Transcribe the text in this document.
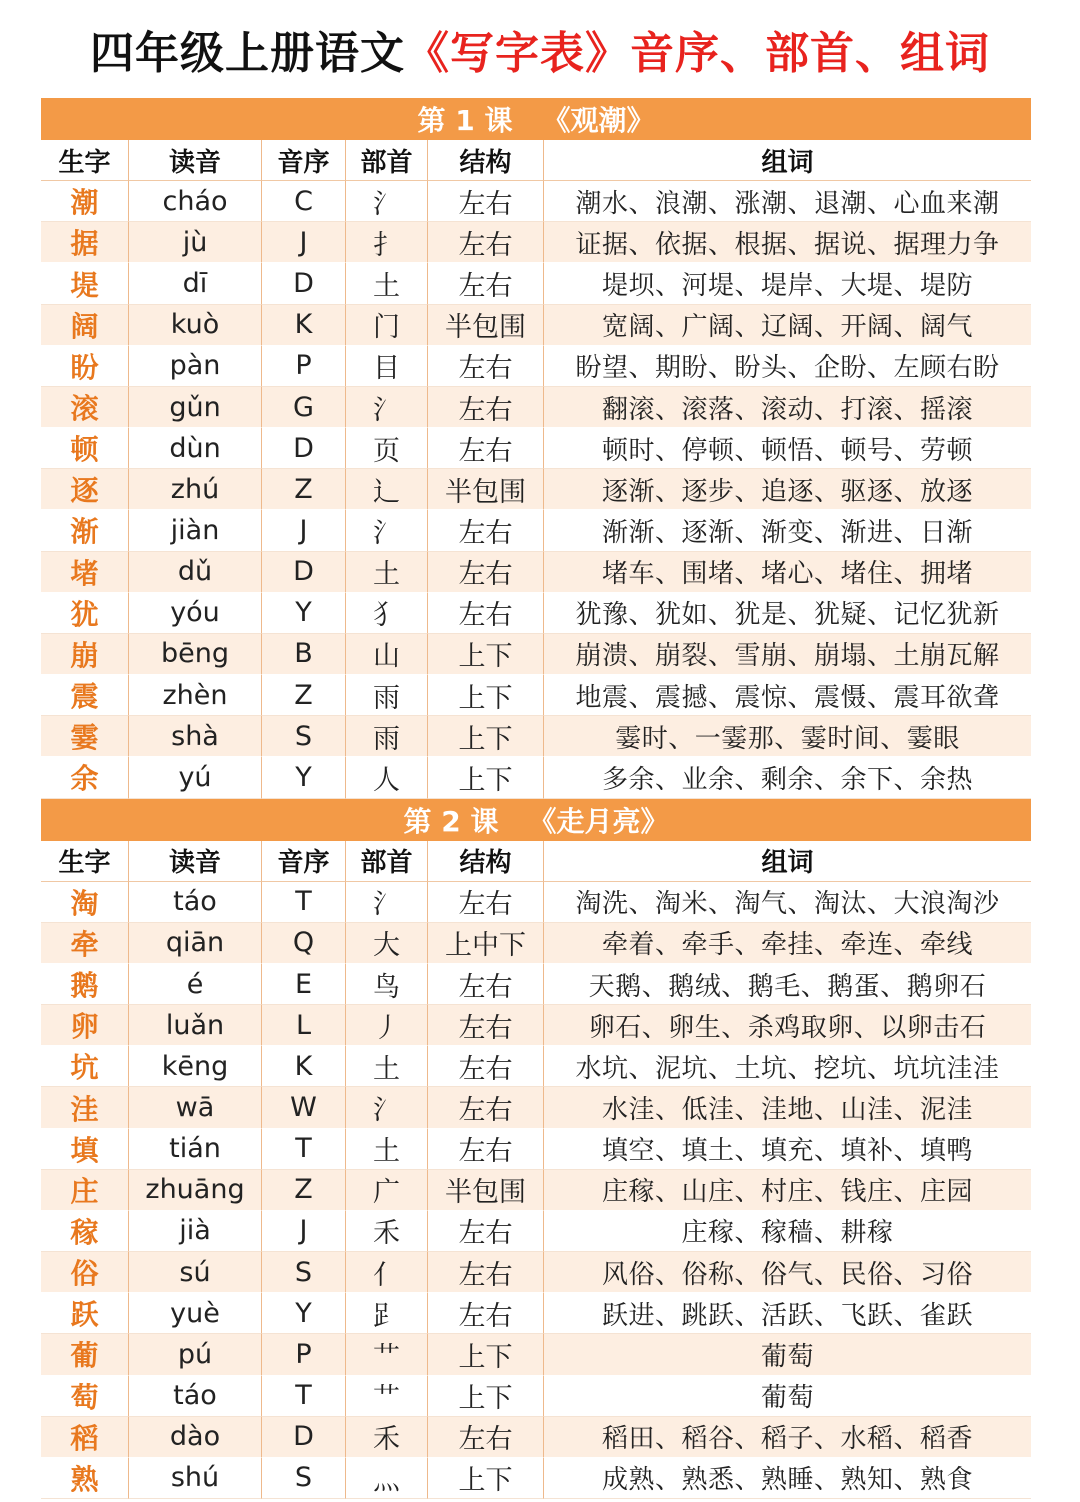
四年级上册语文 《写字表》音序、部首、组词
第 1 课 《观潮》
生字	读音	音序	部首	结构	组词
潮	cháo	C	氵	左右	潮水、浪潮、涨潮、退潮、心血来潮
据	jù	J	扌	左右	证据、依据、根据、据说、据理力争
堤	dī	D	土	左右	堤坝、河堤、堤岸、大堤、堤防
阔	kuò	K	门	半包围	宽阔、广阔、辽阔、开阔、阔气
盼	pàn	P	目	左右	盼望、期盼、盼头、企盼、左顾右盼
滚	gǔn	G	氵	左右	翻滚、滚落、滚动、打滚、摇滚
顿	dùn	D	页	左右	顿时、停顿、顿悟、顿号、劳顿
逐	zhú	Z	辶	半包围	逐渐、逐步、追逐、驱逐、放逐
渐	jiàn	J	氵	左右	渐渐、逐渐、渐变、渐进、日渐
堵	dǔ	D	土	左右	堵车、围堵、堵心、堵住、拥堵
犹	yóu	Y	犭	左右	犹豫、犹如、犹是、犹疑、记忆犹新
崩	bēng	B	山	上下	崩溃、崩裂、雪崩、崩塌、土崩瓦解
震	zhèn	Z	雨	上下	地震、震撼、震惊、震慑、震耳欲聋
霎	shà	S	雨	上下	霎时、一霎那、霎时间、霎眼
余	yú	Y	人	上下	多余、业余、剩余、余下、余热
第 2 课 《走月亮》
生字	读音	音序	部首	结构	组词
淘	táo	T	氵	左右	淘洗、淘米、淘气、淘汰、大浪淘沙
牵	qiān	Q	大	上中下	牵着、牵手、牵挂、牵连、牵线
鹅	é	E	鸟	左右	天鹅、鹅绒、鹅毛、鹅蛋、鹅卵石
卵	luǎn	L	丿	左右	卵石、卵生、杀鸡取卵、以卵击石
坑	kēng	K	土	左右	水坑、泥坑、土坑、挖坑、坑坑洼洼
洼	wā	W	氵	左右	水洼、低洼、洼地、山洼、泥洼
填	tián	T	土	左右	填空、填土、填充、填补、填鸭
庄	zhuāng	Z	广	半包围	庄稼、山庄、村庄、钱庄、庄园
稼	jià	J	禾	左右	庄稼、稼穑、耕稼
俗	sú	S	亻	左右	风俗、俗称、俗气、民俗、习俗
跃	yuè	Y	𧾷	左右	跃进、跳跃、活跃、飞跃、雀跃
葡	pú	P	艹	上下	葡萄
萄	táo	T	艹	上下	葡萄
稻	dào	D	禾	左右	稻田、稻谷、稻子、水稻、稻香
熟	shú	S	灬	上下	成熟、熟悉、熟睡、熟知、熟食
